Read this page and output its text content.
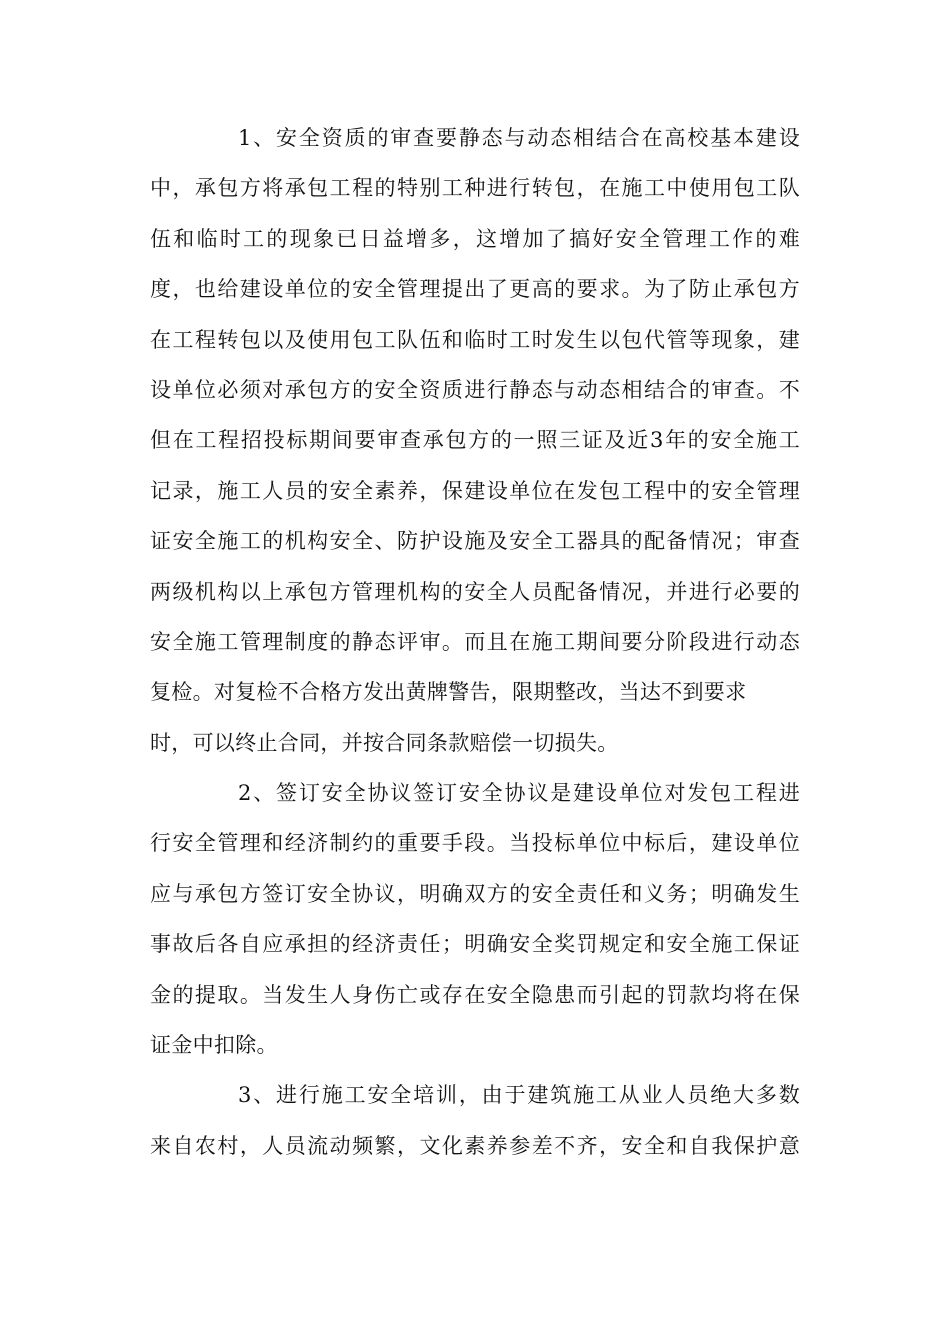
1、安全资质的审查要静态与动态相结合在高校基本建设
中，承包方将承包工程的特别工种进行转包，在施工中使用包工队
伍和临时工的现象已日益增多，这增加了搞好安全管理工作的难
度，也给建设单位的安全管理提出了更高的要求。为了防止承包方
在工程转包以及使用包工队伍和临时工时发生以包代管等现象，建
设单位必须对承包方的安全资质进行静态与动态相结合的审查。不
但在工程招投标期间要审查承包方的一照三证及近3年的安全施工
记录，施工人员的安全素养，保建设单位在发包工程中的安全管理
证安全施工的机构安全、防护设施及安全工器具的配备情况；审查
两级机构以上承包方管理机构的安全人员配备情况，并进行必要的
安全施工管理制度的静态评审。而且在施工期间要分阶段进行动态
复检。对复检不合格方发出黄牌警告，限期整改，当达不到要求
时，可以终止合同，并按合同条款赔偿一切损失。
2、签订安全协议签订安全协议是建设单位对发包工程进
行安全管理和经济制约的重要手段。当投标单位中标后，建设单位
应与承包方签订安全协议，明确双方的安全责任和义务；明确发生
事故后各自应承担的经济责任；明确安全奖罚规定和安全施工保证
金的提取。当发生人身伤亡或存在安全隐患而引起的罚款均将在保
证金中扣除。
3、进行施工安全培训，由于建筑施工从业人员绝大多数
来自农村，人员流动频繁，文化素养参差不齐，安全和自我保护意
